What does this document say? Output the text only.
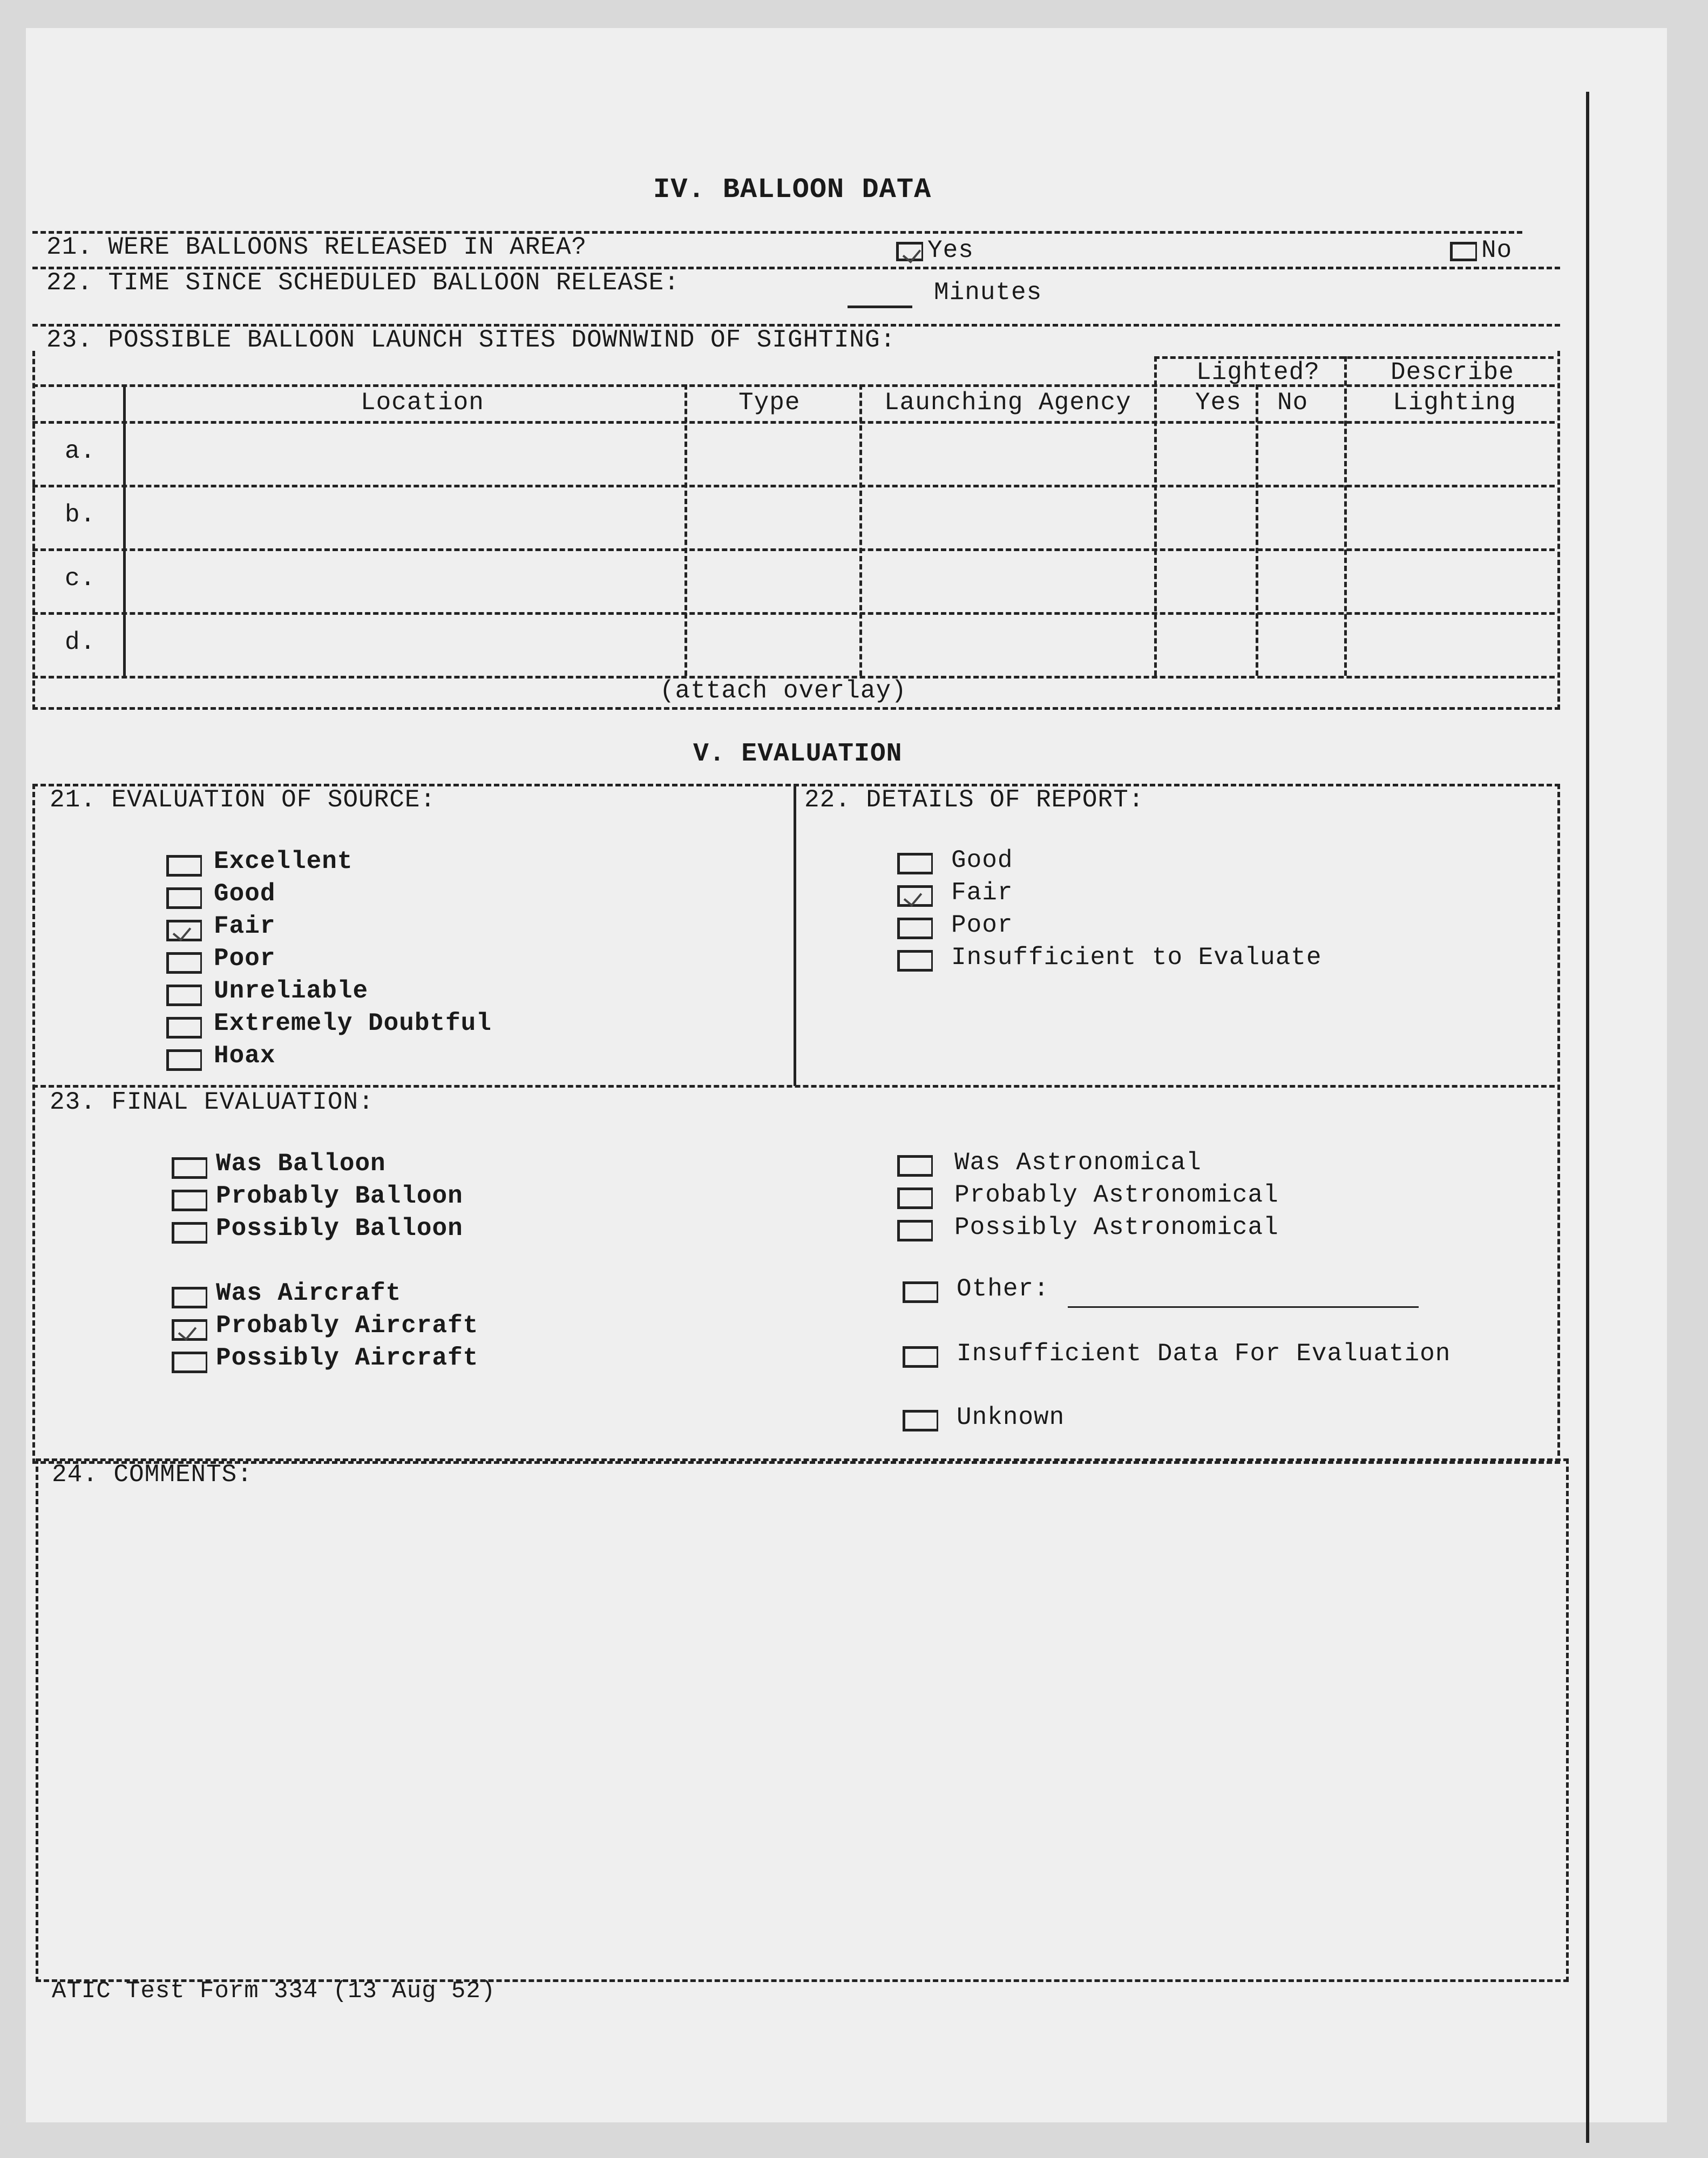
IV. BALLOON DATA
21. WERE BALLOONS RELEASED IN AREA?	Yes	No
22. TIME SINCE SCHEDULED BALLOON RELEASE:	Minutes
23. POSSIBLE BALLOON LAUNCH SITES DOWNWIND OF SIGHTING:
Lighted?	Describe
Location	Type	Launching Agency	Yes No	Lighting
a.
b.
c.
d.
(attach overlay)
V. EVALUATION
21. EVALUATION OF SOURCE:	22. DETAILS OF REPORT:
Excellent
Good
Fair
Poor
Unreliable
Extremely Doubtful
Hoax
Good
Fair
Poor
Insufficient to Evaluate
23. FINAL EVALUATION:
Was Balloon
Probably Balloon
Possibly Balloon
Was Aircraft
Probably Aircraft
Possibly Aircraft
Was Astronomical
Probably Astronomical
Possibly Astronomical
Other:
Insufficient Data For Evaluation
Unknown
24. COMMENTS:
ATIC Test Form 334 (13 Aug 52)
